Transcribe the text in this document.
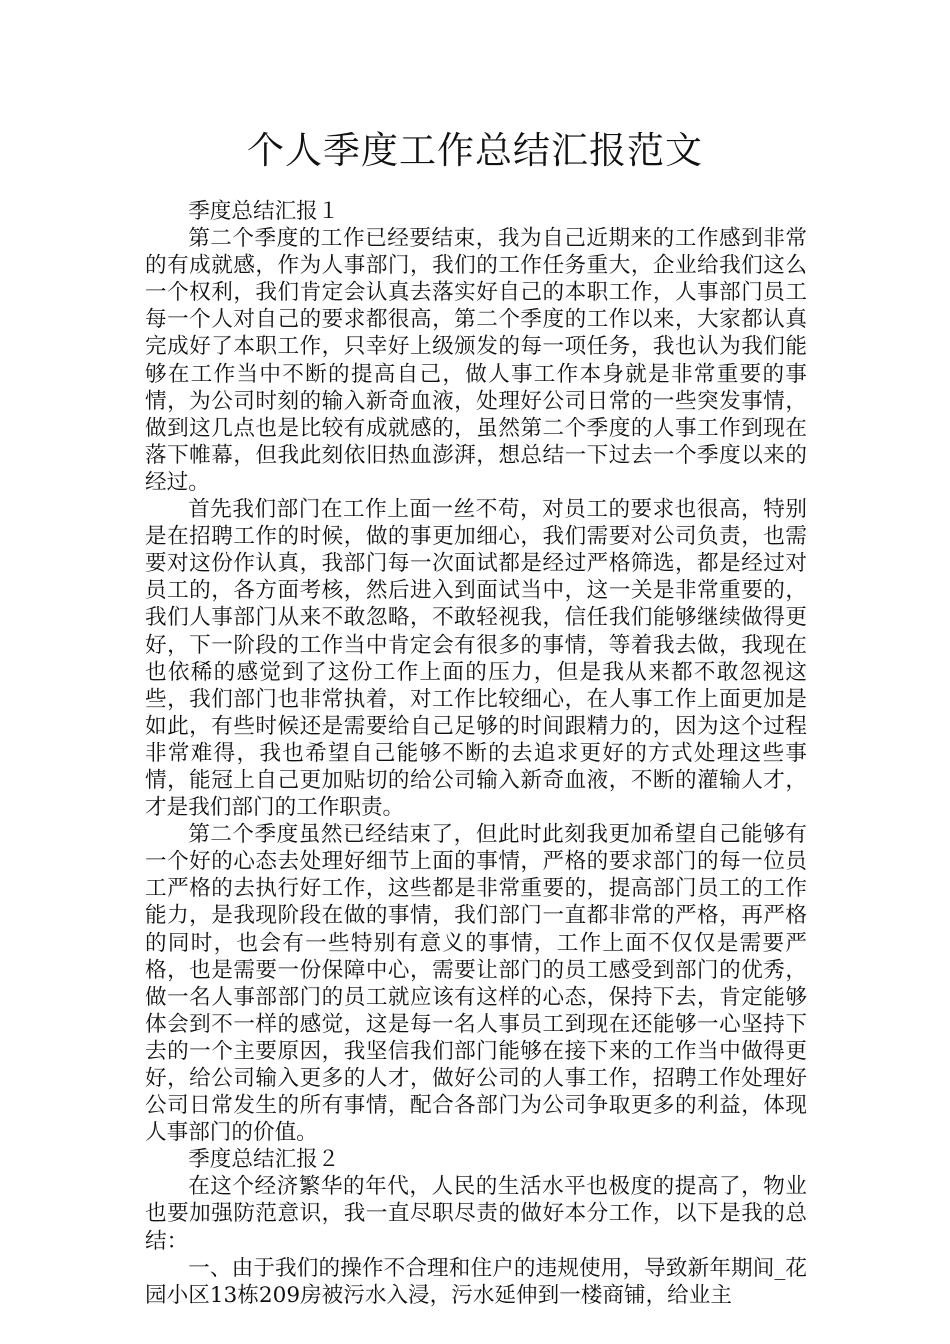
个人季度工作总结汇报范文

季度总结汇报１

第二个季度的工作已经要结束，我为自己近期来的工作感到非常的有成就感，作为人事部门，我们的工作任务重大，企业给我们这么一个权利，我们肯定会认真去落实好自己的本职工作，人事部门员工每一个人对自己的要求都很高，第二个季度的工作以来，大家都认真完成好了本职工作，只幸好上级颁发的每一项任务，我也认为我们能够在工作当中不断的提高自己，做人事工作本身就是非常重要的事情，为公司时刻的输入新奇血液，处理好公司日常的一些突发事情，做到这几点也是比较有成就感的，虽然第二个季度的人事工作到现在落下帷幕，但我此刻依旧热血澎湃，想总结一下过去一个季度以来的经过。

首先我们部门在工作上面一丝不苟，对员工的要求也很高，特别是在招聘工作的时候，做的事更加细心，我们需要对公司负责，也需要对这份作认真，我部门每一次面试都是经过严格筛选，都是经过对员工的，各方面考核，然后进入到面试当中，这一关是非常重要的，我们人事部门从来不敢忽略，不敢轻视我，信任我们能够继续做得更好，下一阶段的工作当中肯定会有很多的事情，等着我去做，我现在也依稀的感觉到了这份工作上面的压力，但是我从来都不敢忽视这些，我们部门也非常执着，对工作比较细心，在人事工作上面更加是如此，有些时候还是需要给自己足够的时间跟精力的，因为这个过程非常难得，我也希望自己能够不断的去追求更好的方式处理这些事情，能冠上自己更加贴切的给公司输入新奇血液，不断的灌输人才，才是我们部门的工作职责。

第二个季度虽然已经结束了，但此时此刻我更加希望自己能够有一个好的心态去处理好细节上面的事情，严格的要求部门的每一位员工严格的去执行好工作，这些都是非常重要的，提高部门员工的工作能力，是我现阶段在做的事情，我们部门一直都非常的严格，再严格的同时，也会有一些特别有意义的事情，工作上面不仅仅是需要严格，也是需要一份保障中心，需要让部门的员工感受到部门的优秀，做一名人事部部门的员工就应该有这样的心态，保持下去，肯定能够体会到不一样的感觉，这是每一名人事员工到现在还能够一心坚持下去的一个主要原因，我坚信我们部门能够在接下来的工作当中做得更好，给公司输入更多的人才，做好公司的人事工作，招聘工作处理好公司日常发生的所有事情，配合各部门为公司争取更多的利益，体现人事部门的价值。

季度总结汇报２

在这个经济繁华的年代，人民的生活水平也极度的提高了，物业也要加强防范意识，我一直尽职尽责的做好本分工作，以下是我的总结：

一、由于我们的操作不合理和住户的违规使用，导致新年期间_花园小区13栋209房被污水入浸，污水延伸到一楼商铺，给业主
